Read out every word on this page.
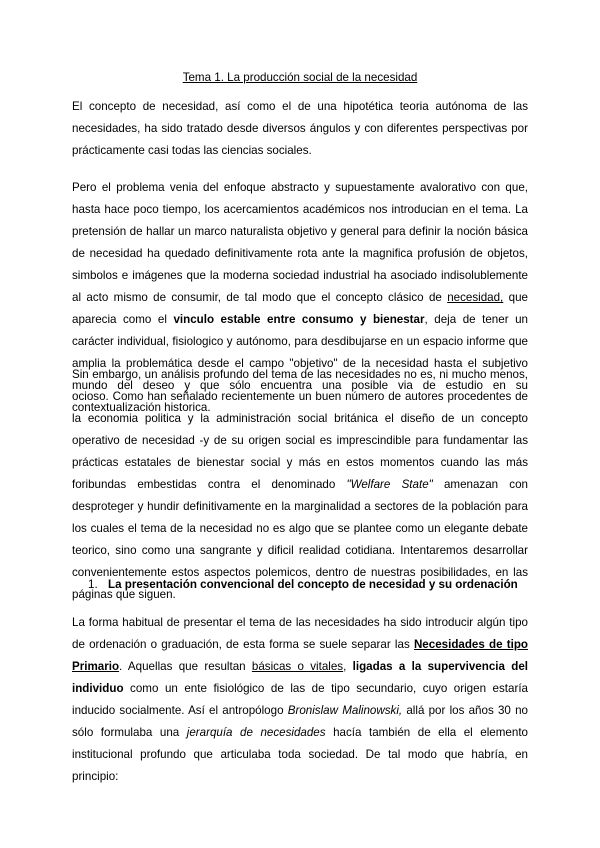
Tema 1. La producción social de la necesidad

El concepto de necesidad, así como el de una hipotética teoria autónoma de las necesidades, ha sido tratado desde diversos ángulos y con diferentes perspectivas por prácticamente casi todas las ciencias sociales.

Pero el problema venia del enfoque abstracto y supuestamente avalorativo con que, hasta hace poco tiempo, los acercamientos académicos nos introducian en el tema. La pretensión de hallar un marco naturalista objetivo y general para definir la noción básica de necesidad ha quedado definitivamente rota ante la magnifica profusión de objetos, simbolos e imágenes que la moderna sociedad industrial ha asociado indisolublemente al acto mismo de consumir, de tal modo que el concepto clásico de necesidad, que aparecia como el vinculo estable entre consumo y bienestar, deja de tener un carácter individual, fisiologico y autónomo, para desdibujarse en un espacio informe que amplia la problemática desde el campo "objetivo" de la necesidad hasta el subjetivo mundo del deseo y que sólo encuentra una posible via de estudio en su contextualización historica.

Sin embargo, un análisis profundo del tema de las necesidades no es, ni mucho menos, ocioso. Como han señalado recientemente un buen número de autores procedentes de la economia politica y la administración social británica el diseño de un concepto operativo de necesidad -y de su origen social es imprescindible para fundamentar las prácticas estatales de bienestar social y más en estos momentos cuando las más foribundas embestidas contra el denominado "Welfare State" amenazan con desproteger y hundir definitivamente en la marginalidad a sectores de la población para los cuales el tema de la necesidad no es algo que se plantee como un elegante debate teorico, sino como una sangrante y dificil realidad cotidiana. Intentaremos desarrollar convenientemente estos aspectos polemicos, dentro de nuestras posibilidades, en las páginas que siguen.

1. La presentación convencional del concepto de necesidad y su ordenación

La forma habitual de presentar el tema de las necesidades ha sido introducir algún tipo de ordenación o graduación, de esta forma se suele separar las Necesidades de tipo Primario. Aquellas que resultan básicas o vitales, ligadas a la supervivencia del individuo como un ente fisiológico de las de tipo secundario, cuyo origen estaría inducido socialmente. Así el antropólogo Bronislaw Malinowski, allá por los años 30 no sólo formulaba una jerarquía de necesidades hacía también de ella el elemento institucional profundo que articulaba toda sociedad. De tal modo que habría, en principio:
